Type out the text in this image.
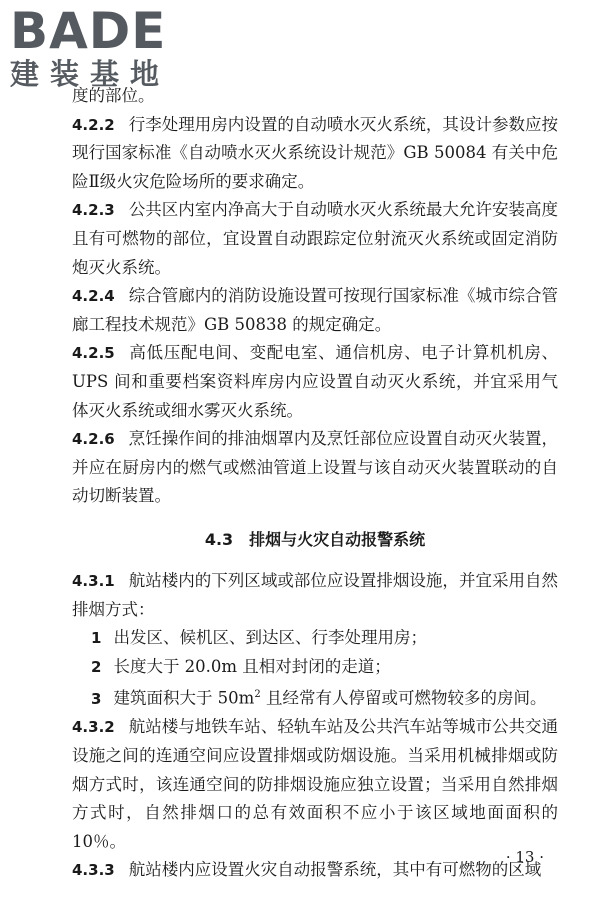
BADE
建装基地

度的部位。

4.2.2 行李处理用房内设置的自动喷水灭火系统，其设计参数应按现行国家标准《自动喷水灭火系统设计规范》GB 50084 有关中危险Ⅱ级火灾危险场所的要求确定。

4.2.3 公共区内室内净高大于自动喷水灭火系统最大允许安装高度且有可燃物的部位，宜设置自动跟踪定位射流灭火系统或固定消防炮灭火系统。

4.2.4 综合管廊内的消防设施设置可按现行国家标准《城市综合管廊工程技术规范》GB 50838 的规定确定。

4.2.5 高低压配电间、变配电室、通信机房、电子计算机机房、UPS 间和重要档案资料库房内应设置自动灭火系统，并宜采用气体灭火系统或细水雾灭火系统。

4.2.6 烹饪操作间的排油烟罩内及烹饪部位应设置自动灭火装置，并应在厨房内的燃气或燃油管道上设置与该自动灭火装置联动的自动切断装置。

4.3 排烟与火灾自动报警系统

4.3.1 航站楼内的下列区域或部位应设置排烟设施，并宜采用自然排烟方式：

1 出发区、候机区、到达区、行李处理用房；

2 长度大于 20.0m 且相对封闭的走道；

3 建筑面积大于 $50m^2$ 且经常有人停留或可燃物较多的房间。

4.3.2 航站楼与地铁车站、轻轨车站及公共汽车站等城市公共交通设施之间的连通空间应设置排烟或防烟设施。当采用机械排烟或防烟方式时，该连通空间的防排烟设施应独立设置；当采用自然排烟方式时，自然排烟口的总有效面积不应小于该区域地面面积的 10％。

4.3.3 航站楼内应设置火灾自动报警系统，其中有可燃物的区域

· 13 ·
